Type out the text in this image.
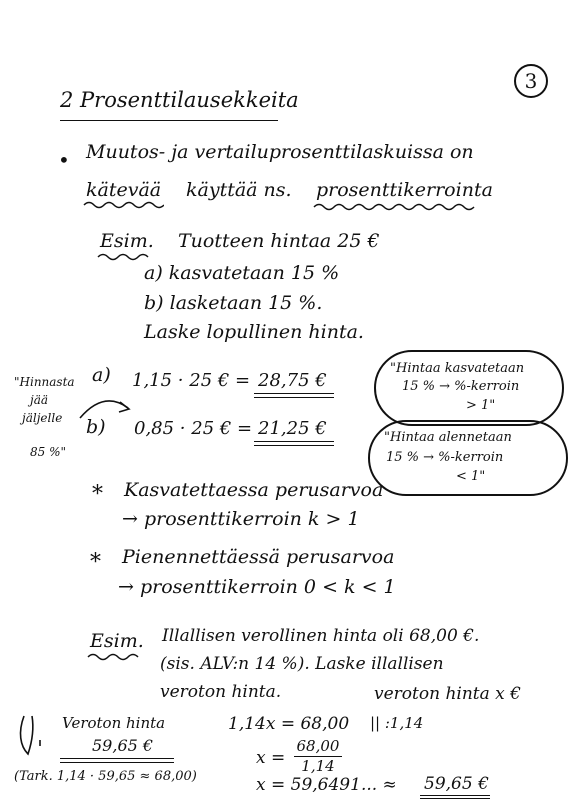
3
2 Prosenttilausekkeita
• Muutos- ja vertailuprosenttilaskuissa on
kätevää käyttää ns. prosenttikerrointa
Esim. Tuotteen hintaa 25 €
a) kasvatetaan 15 %
b) lasketaan 15 %.
Laske lopullinen hinta.
"Hinnasta
jää
jäljelle
85 %"
a) 1,15 · 25 € = 28,75 €
b) 0,85 · 25 € = 21,25 €
"Hintaa kasvatetaan
15 % → %-kerroin
> 1"
"Hintaa alennetaan
15 % → %-kerroin
< 1"
* Kasvatettaessa perusarvoa
→ prosenttikerroin k > 1
* Pienennettäessä perusarvoa
→ prosenttikerroin 0 < k < 1
Esim. Illallisen verollinen hinta oli 68,00 €.
(sis. ALV:n 14 %). Laske illallisen
veroton hinta.	veroton hinta x €
Veroton hinta
59,65 €
(Tark. 1,14 · 59,65 ≈ 68,00)
1,14x = 68,00 || :1,14
x =
68,00
1,14
x = 59,6491... ≈ 59,65 €
